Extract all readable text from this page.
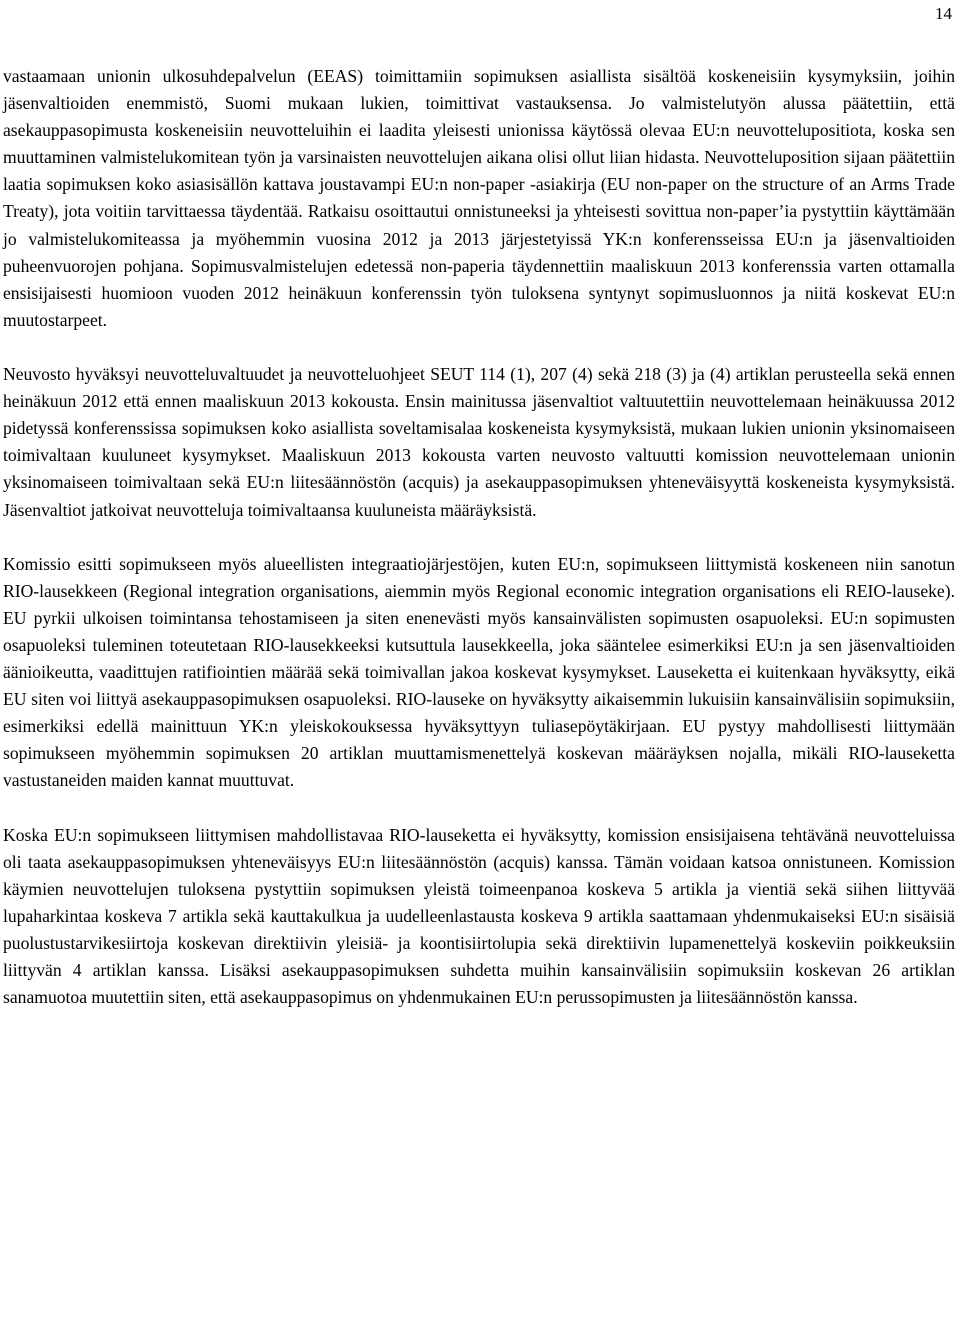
14

vastaamaan unionin ulkosuhdepalvelun (EEAS) toimittamiin sopimuksen asiallista sisältöä koskeneisiin kysymyksiin, joihin jäsenvaltioiden enemmistö, Suomi mukaan lukien, toimittivat vastauksensa. Jo valmistelutyön alussa päätettiin, että asekauppasopimusta koskeneisiin neuvotteluihin ei laadita yleisesti unionissa käytössä olevaa EU:n neuvottelupositiota, koska sen muuttaminen valmistelukomitean työn ja varsinaisten neuvottelujen aikana olisi ollut liian hidasta. Neuvotteluposition sijaan päätettiin laatia sopimuksen koko asiasisällön kattava joustavampi EU:n non-paper -asiakirja (EU non-paper on the structure of an Arms Trade Treaty), jota voitiin tarvittaessa täydentää. Ratkaisu osoittautui onnistuneeksi ja yhteisesti sovittua non-paper’ia pystyttiin käyttämään jo valmistelukomiteassa ja myöhemmin vuosina 2012 ja 2013 järjestetyissä YK:n konferensseissa EU:n ja jäsenvaltioiden puheenvuorojen pohjana. Sopimusvalmistelujen edetessä non-paperia täydennettiin maaliskuun 2013 konferenssia varten ottamalla ensisijaisesti huomioon vuoden 2012 heinäkuun konferenssin työn tuloksena syntynyt sopimusluonnos ja niitä koskevat EU:n muutostarpeet.

Neuvosto hyväksyi neuvotteluvaltuudet ja neuvotteluohjeet SEUT 114 (1), 207 (4) sekä 218 (3) ja (4) artiklan perusteella sekä ennen heinäkuun 2012 että ennen maaliskuun 2013 kokousta. Ensin mainitussa jäsenvaltiot valtuutettiin neuvottelemaan heinäkuussa 2012 pidetyssä konferenssissa sopimuksen koko asiallista soveltamisalaa koskeneista kysymyksistä, mukaan lukien unionin yksinomaiseen toimivaltaan kuuluneet kysymykset. Maaliskuun 2013 kokousta varten neuvosto valtuutti komission neuvottelemaan unionin yksinomaiseen toimivaltaan sekä EU:n liitesäännöstön (acquis) ja asekauppasopimuksen yhteneväisyyttä koskeneista kysymyksistä. Jäsenvaltiot jatkoivat neuvotteluja toimivaltaansa kuuluneista määräyksistä.

Komissio esitti sopimukseen myös alueellisten integraatiojärjestöjen, kuten EU:n, sopimukseen liittymistä koskeneen niin sanotun RIO-lausekkeen (Regional integration organisations, aiemmin myös Regional economic integration organisations eli REIO-lauseke). EU pyrkii ulkoisen toimintansa tehostamiseen ja siten enenevästi myös kansainvälisten sopimusten osapuoleksi. EU:n sopimusten osapuoleksi tuleminen toteutetaan RIO-lausekkeeksi kutsuttula lausekkeella, joka sääntelee esimerkiksi EU:n ja sen jäsenvaltioiden äänioikeutta, vaadittujen ratifiointien määrää sekä toimivallan jakoa koskevat kysymykset. Lauseketta ei kuitenkaan hyväksytty, eikä EU siten voi liittyä asekauppasopimuksen osapuoleksi. RIO-lauseke on hyväksytty aikaisemmin lukuisiin kansainvälisiin sopimuksiin, esimerkiksi edellä mainittuun YK:n yleiskokouksessa hyväksyttyyn tuliasepöytäkirjaan. EU pystyy mahdollisesti liittymään sopimukseen myöhemmin sopimuksen 20 artiklan muuttamismenettelyä koskevan määräyksen nojalla, mikäli RIO-lauseketta vastustaneiden maiden kannat muuttuvat.

Koska EU:n sopimukseen liittymisen mahdollistavaa RIO-lauseketta ei hyväksytty, komission ensisijaisena tehtävänä neuvotteluissa oli taata asekauppasopimuksen yhteneväisyys EU:n liitesäännöstön (acquis) kanssa. Tämän voidaan katsoa onnistuneen. Komission käymien neuvottelujen tuloksena pystyttiin sopimuksen yleistä toimeenpanoa koskeva 5 artikla ja vientiä sekä siihen liittyvää lupaharkintaa koskeva 7 artikla sekä kauttakulkua ja uudelleenlastausta koskeva 9 artikla saattamaan yhdenmukaiseksi EU:n sisäisiä puolustustarvikesiirtoja koskevan direktiivin yleisiä- ja koontisiirtolupia sekä direktiivin lupamenettelyä koskeviin poikkeuksiin liittyvän 4 artiklan kanssa. Lisäksi asekauppasopimuksen suhdetta muihin kansainvälisiin sopimuksiin koskevan 26 artiklan sanamuotoa muutettiin siten, että asekauppasopimus on yhdenmukainen EU:n perussopimusten ja liitesäännöstön kanssa.
